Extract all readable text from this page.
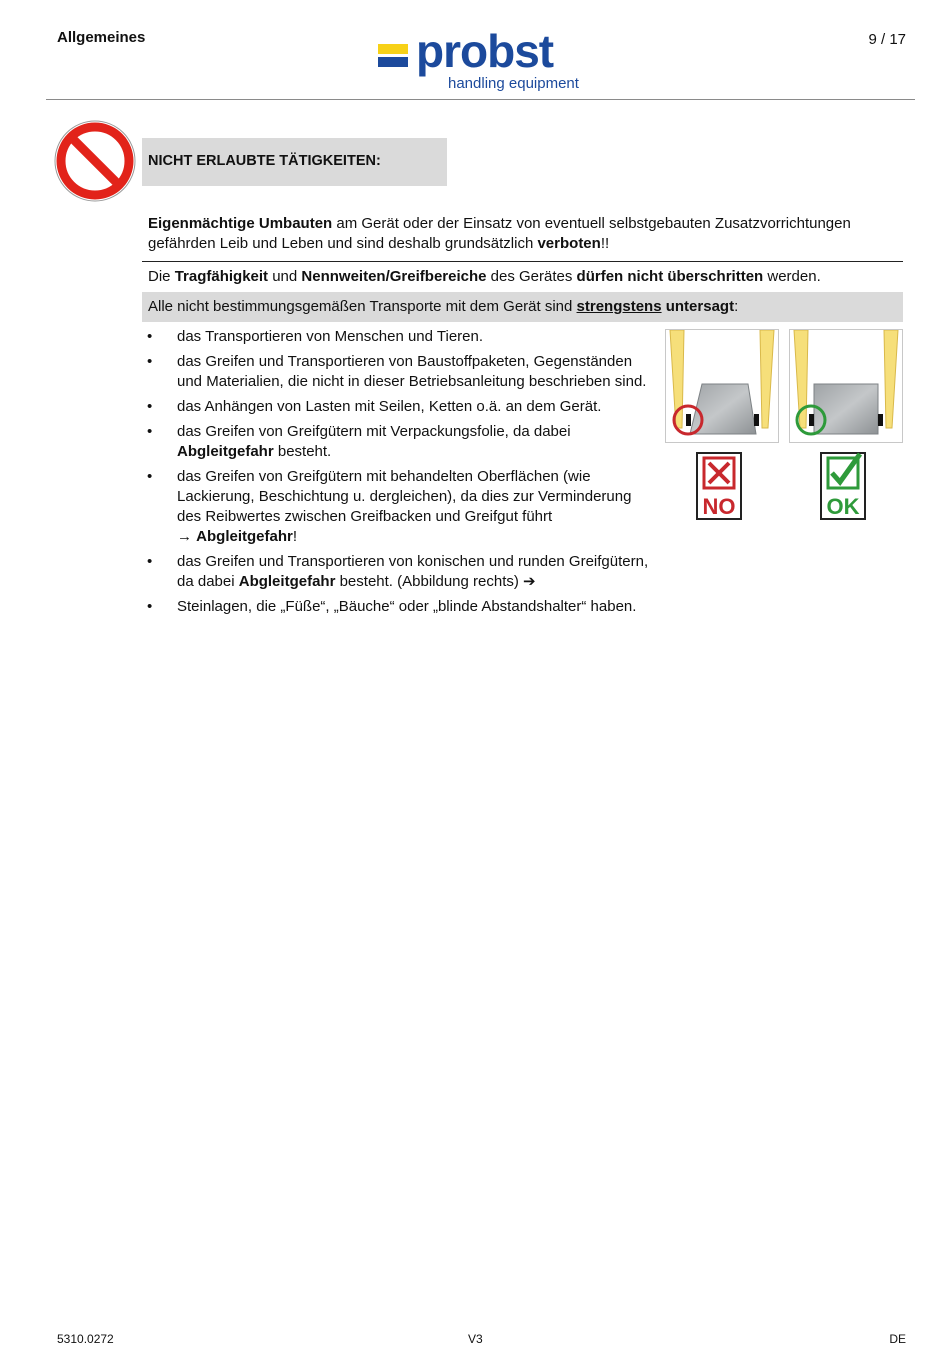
Allgemeines	9 / 17
probst
handling equipment
NICHT ERLAUBTE TÄTIGKEITEN:
Eigenmächtige Umbauten am Gerät oder der Einsatz von eventuell selbstgebauten Zusatzvorrichtungen gefährden Leib und Leben und sind deshalb grundsätzlich verboten!!
Die Tragfähigkeit und Nennweiten/Greifbereiche des Gerätes dürfen nicht überschritten werden.
Alle nicht bestimmungsgemäßen Transporte mit dem Gerät sind strengstens untersagt:
• das Transportieren von Menschen und Tieren.
• das Greifen und Transportieren von Baustoffpaketen, Gegenständen und Materialien, die nicht in dieser Betriebsanleitung beschrieben sind.
• das Anhängen von Lasten mit Seilen, Ketten o.ä. an dem Gerät.
• das Greifen von Greifgütern mit Verpackungsfolie, da dabei Abgleitgefahr besteht.
• das Greifen von Greifgütern mit behandelten Oberflächen (wie Lackierung, Beschichtung u. dergleichen), da dies zur Verminderung des Reibwertes zwischen Greifbacken und Greifgut führt
→ Abgleitgefahr!
• das Greifen und Transportieren von konischen und runden Greifgütern, da dabei Abgleitgefahr besteht. (Abbildung rechts) ➔
• Steinlagen, die „Füße“, „Bäuche“ oder „blinde Abstandshalter“ haben.
NO	OK
5310.0272	V3	DE
